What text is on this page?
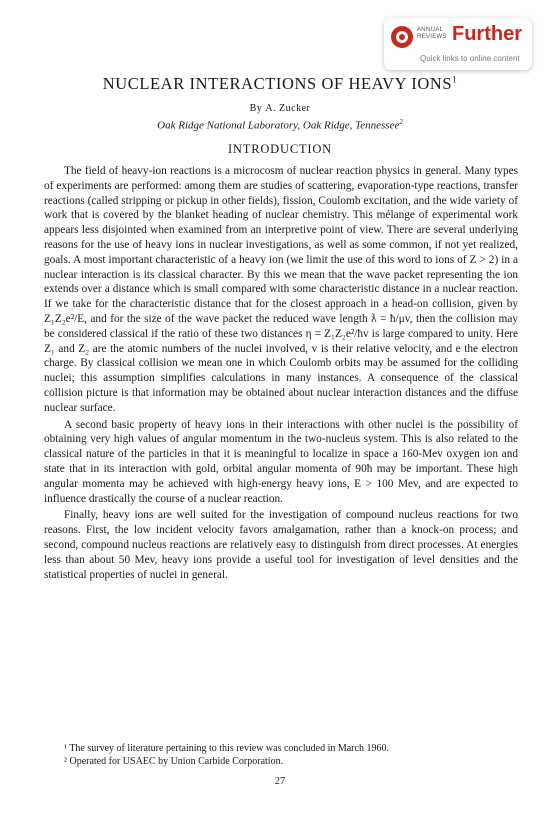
ANNUAL REVIEWS Further
Quick links to online content
NUCLEAR INTERACTIONS OF HEAVY IONS$^1$
By A. Zucker
Oak Ridge National Laboratory, Oak Ridge, Tennessee$^2$
INTRODUCTION

The field of heavy-ion reactions is a microcosm of nuclear reaction physics in general. Many types of experiments are performed: among them are studies of scattering, evaporation-type reactions, transfer reactions (called stripping or pickup in other fields), fission, Coulomb excitation, and the wide variety of work that is covered by the blanket heading of nuclear chemistry. This mélange of experimental work appears less disjointed when examined from an interpretive point of view. There are several underlying reasons for the use of heavy ions in nuclear investigations, as well as some common, if not yet realized, goals. A most important characteristic of a heavy ion (we limit the use of this word to ions of Z > 2) in a nuclear interaction is its classical character. By this we mean that the wave packet representing the ion extends over a distance which is small compared with some characteristic distance in a nuclear reaction. If we take for the characteristic distance that for the closest approach in a head-on collision, given by Z₁Z₂e²/E, and for the size of the wave packet the reduced wave length ƛ = ħ/μv, then the collision may be considered classical if the ratio of these two distances η = Z₁Z₂e²/ħv is large compared to unity. Here Z₁ and Z₂ are the atomic numbers of the nuclei involved, v is their relative velocity, and e the electron charge. By classical collision we mean one in which Coulomb orbits may be assumed for the colliding nuclei; this assumption simplifies calculations in many instances. A consequence of the classical collision picture is that information may be obtained about nuclear interaction distances and the diffuse nuclear surface.

A second basic property of heavy ions in their interactions with other nuclei is the possibility of obtaining very high values of angular momentum in the two-nucleus system. This is also related to the classical nature of the particles in that it is meaningful to localize in space a 160-Mev oxygen ion and state that in its interaction with gold, orbital angular momenta of 90ħ may be important. These high angular momenta may be achieved with high-energy heavy ions, E > 100 Mev, and are expected to influence drastically the course of a nuclear reaction.

Finally, heavy ions are well suited for the investigation of compound nucleus reactions for two reasons. First, the low incident velocity favors amalgamation, rather than a knock-on process; and second, compound nucleus reactions are relatively easy to distinguish from direct processes. At energies less than about 50 Mev, heavy ions provide a useful tool for investigation of level densities and the statistical properties of nuclei in general.

¹ The survey of literature pertaining to this review was concluded in March 1960.
² Operated for USAEC by Union Carbide Corporation.
27
